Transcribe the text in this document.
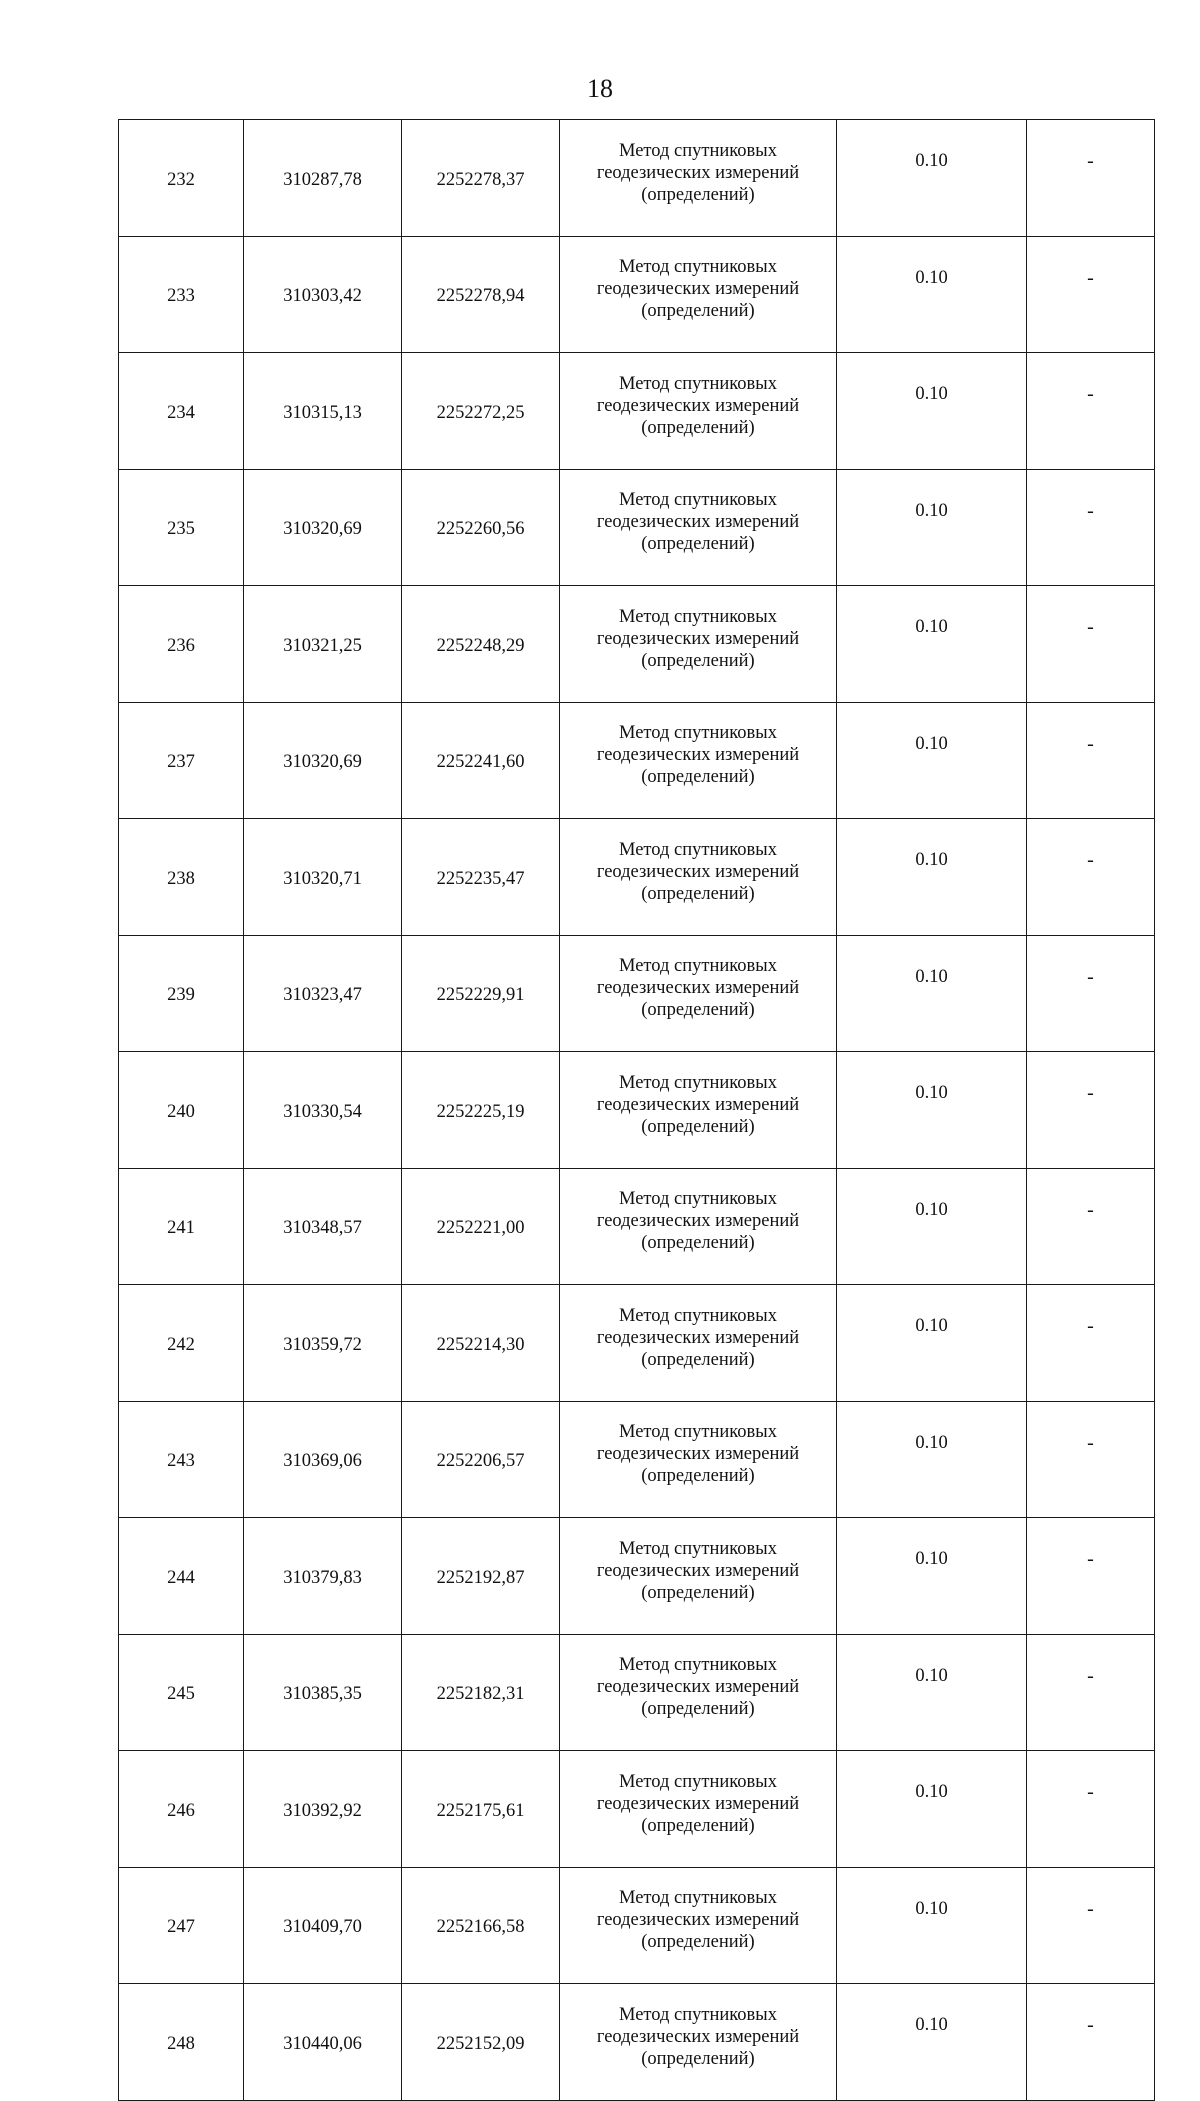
18
232	310287,78	2252278,37	Метод спутниковых
геодезических измерений
(определений)	0.10	-
233	310303,42	2252278,94	Метод спутниковых
геодезических измерений
(определений)	0.10	-
234	310315,13	2252272,25	Метод спутниковых
геодезических измерений
(определений)	0.10	-
235	310320,69	2252260,56	Метод спутниковых
геодезических измерений
(определений)	0.10	-
236	310321,25	2252248,29	Метод спутниковых
геодезических измерений
(определений)	0.10	-
237	310320,69	2252241,60	Метод спутниковых
геодезических измерений
(определений)	0.10	-
238	310320,71	2252235,47	Метод спутниковых
геодезических измерений
(определений)	0.10	-
239	310323,47	2252229,91	Метод спутниковых
геодезических измерений
(определений)	0.10	-
240	310330,54	2252225,19	Метод спутниковых
геодезических измерений
(определений)	0.10	-
241	310348,57	2252221,00	Метод спутниковых
геодезических измерений
(определений)	0.10	-
242	310359,72	2252214,30	Метод спутниковых
геодезических измерений
(определений)	0.10	-
243	310369,06	2252206,57	Метод спутниковых
геодезических измерений
(определений)	0.10	-
244	310379,83	2252192,87	Метод спутниковых
геодезических измерений
(определений)	0.10	-
245	310385,35	2252182,31	Метод спутниковых
геодезических измерений
(определений)	0.10	-
246	310392,92	2252175,61	Метод спутниковых
геодезических измерений
(определений)	0.10	-
247	310409,70	2252166,58	Метод спутниковых
геодезических измерений
(определений)	0.10	-
248	310440,06	2252152,09	Метод спутниковых
геодезических измерений
(определений)	0.10	-
